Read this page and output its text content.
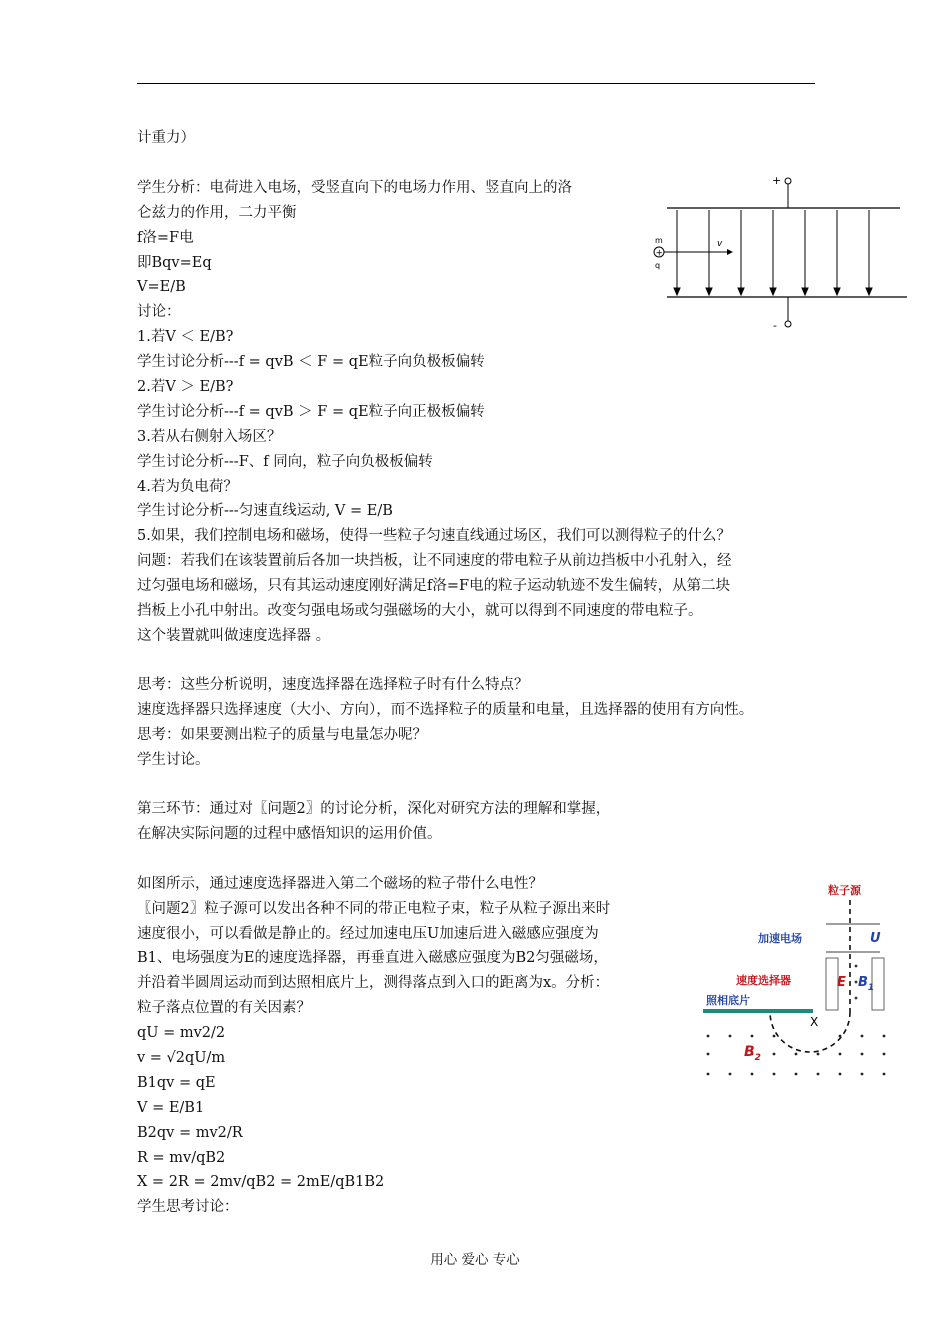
计重力）
学生分析：电荷进入电场，受竖直向下的电场力作用、竖直向上的洛
仑兹力的作用，二力平衡
f洛=F电
即Bqv=Eq
V=E/B
讨论：
1.若V ＜ E/B?
学生讨论分析---f = qvB ＜ F = qE粒子向负极板偏转
2.若V ＞ E/B?
学生讨论分析---f = qvB ＞ F = qE粒子向正极板偏转
3.若从右侧射入场区？
学生讨论分析---F、f 同向，粒子向负极板偏转
4.若为负电荷？
学生讨论分析---匀速直线运动, V = E/B
5.如果，我们控制电场和磁场，使得一些粒子匀速直线通过场区，我们可以测得粒子的什么？
问题：若我们在该装置前后各加一块挡板，让不同速度的带电粒子从前边挡板中小孔射入，经
过匀强电场和磁场，只有其运动速度刚好满足f洛=F电的粒子运动轨迹不发生偏转，从第二块
挡板上小孔中射出。改变匀强电场或匀强磁场的大小，就可以得到不同速度的带电粒子。
这个装置就叫做速度选择器 。
思考：这些分析说明，速度选择器在选择粒子时有什么特点？
速度选择器只选择速度（大小、方向），而不选择粒子的质量和电量，且选择器的使用有方向性。
思考：如果要测出粒子的质量与电量怎办呢？
学生讨论。
第三环节：通过对〖问题2〗的讨论分析，深化对研究方法的理解和掌握，
在解决实际问题的过程中感悟知识的运用价值。
如图所示，通过速度选择器进入第二个磁场的粒子带什么电性？
〖问题2〗粒子源可以发出各种不同的带正电粒子束，粒子从粒子源出来时
速度很小，可以看做是静止的。经过加速电压U加速后进入磁感应强度为
B1、电场强度为E的速度选择器，再垂直进入磁感应强度为B2匀强磁场，
并沿着半圆周运动而到达照相底片上，测得落点到入口的距离为x。分析：
粒子落点位置的有关因素？
qU = mv2/2
v = √2qU/m
B1qv = qE
V = E/B1
B2qv = mv2/R
R = mv/qB2
X = 2R = 2mv/qB2 = 2mE/qB1B2
学生思考讨论：
+
-
m
+
q
v
粒子源
加速电场	U
速度选择器	E $B_1$
照相底片
X
$B_2$
用心 爱心 专心
